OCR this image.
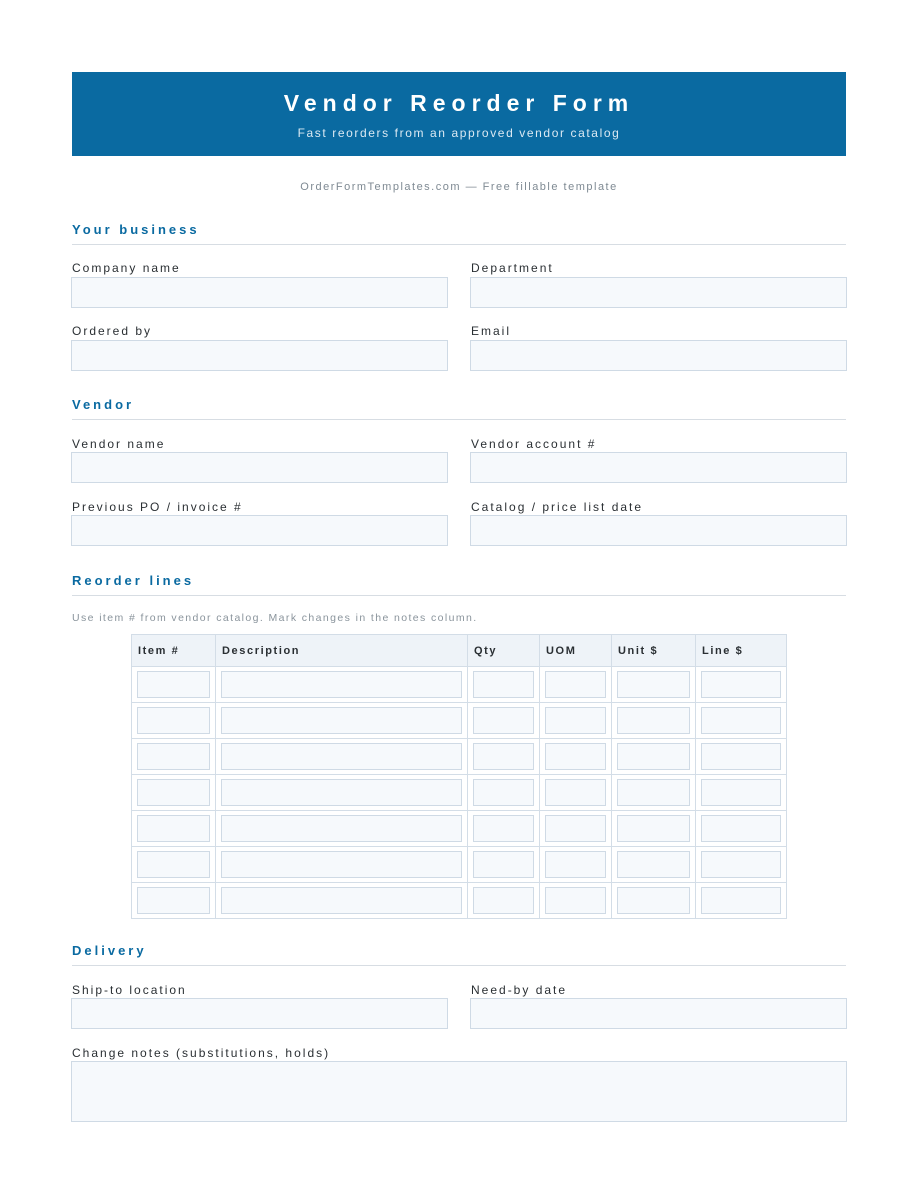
Vendor Reorder Form
Fast reorders from an approved vendor catalog
OrderFormTemplates.com — Free fillable template
Your business
Company name	Department
Ordered by	Email
Vendor
Vendor name	Vendor account #
Previous PO / invoice #	Catalog / price list date
Reorder lines
Use item # from vendor catalog. Mark changes in the notes column.
Item #	Description	Qty	UOM	Unit $	Line $

Delivery
Ship-to location	Need-by date
Change notes (substitutions, holds)
